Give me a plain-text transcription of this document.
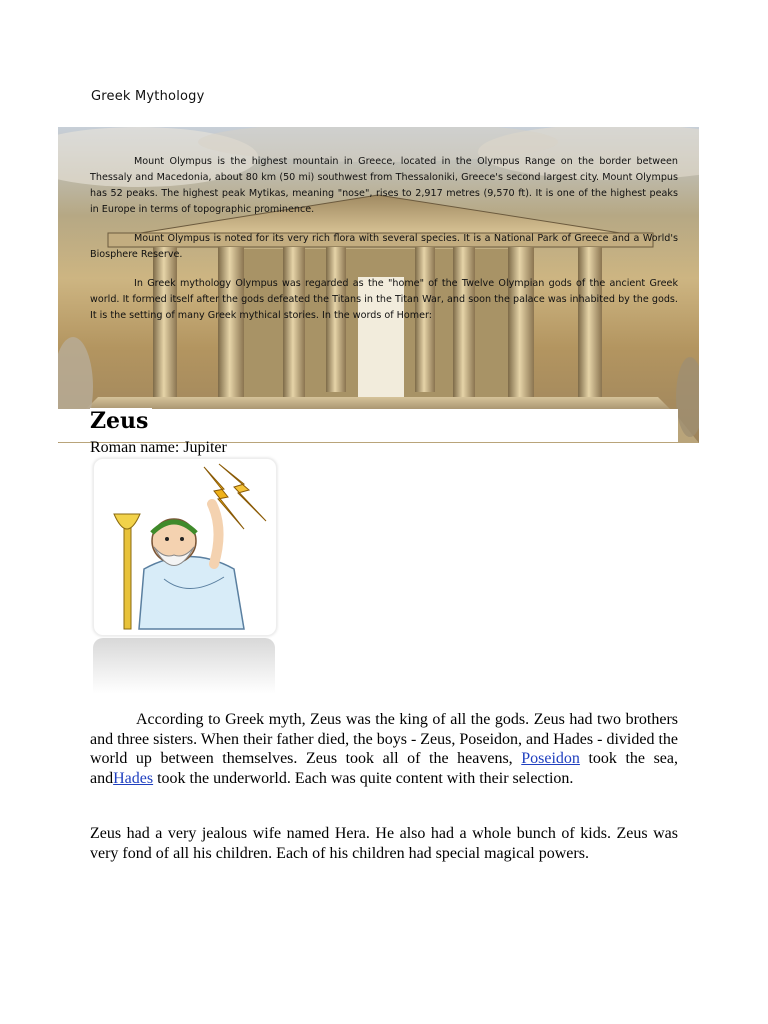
Greek Mythology

Mount Olympus is the highest mountain in Greece, located in the Olympus Range on the border between Thessaly and Macedonia, about 80 km (50 mi) southwest from Thessaloniki, Greece's second largest city. Mount Olympus has 52 peaks. The highest peak Mytikas, meaning "nose", rises to 2,917 metres (9,570 ft). It is one of the highest peaks in Europe in terms of topographic prominence.

Mount Olympus is noted for its very rich flora with several species. It is a National Park of Greece and a World's Biosphere Reserve.

In Greek mythology Olympus was regarded as the "home" of the Twelve Olympian gods of the ancient Greek world. It formed itself after the gods defeated the Titans in the Titan War, and soon the palace was inhabited by the gods. It is the setting of many Greek mythical stories. In the words of Homer:

Zeus
Roman name: Jupiter
According to Greek myth, Zeus was the king of all the gods. Zeus had two brothers and three sisters. When their father died, the boys - Zeus, Poseidon, and Hades - divided the world up between themselves. Zeus took all of the heavens, Poseidon took the sea, andHades took the underworld. Each was quite content with their selection.
Zeus had a very jealous wife named Hera. He also had a whole bunch of kids. Zeus was very fond of all his children. Each of his children had special magical powers.
